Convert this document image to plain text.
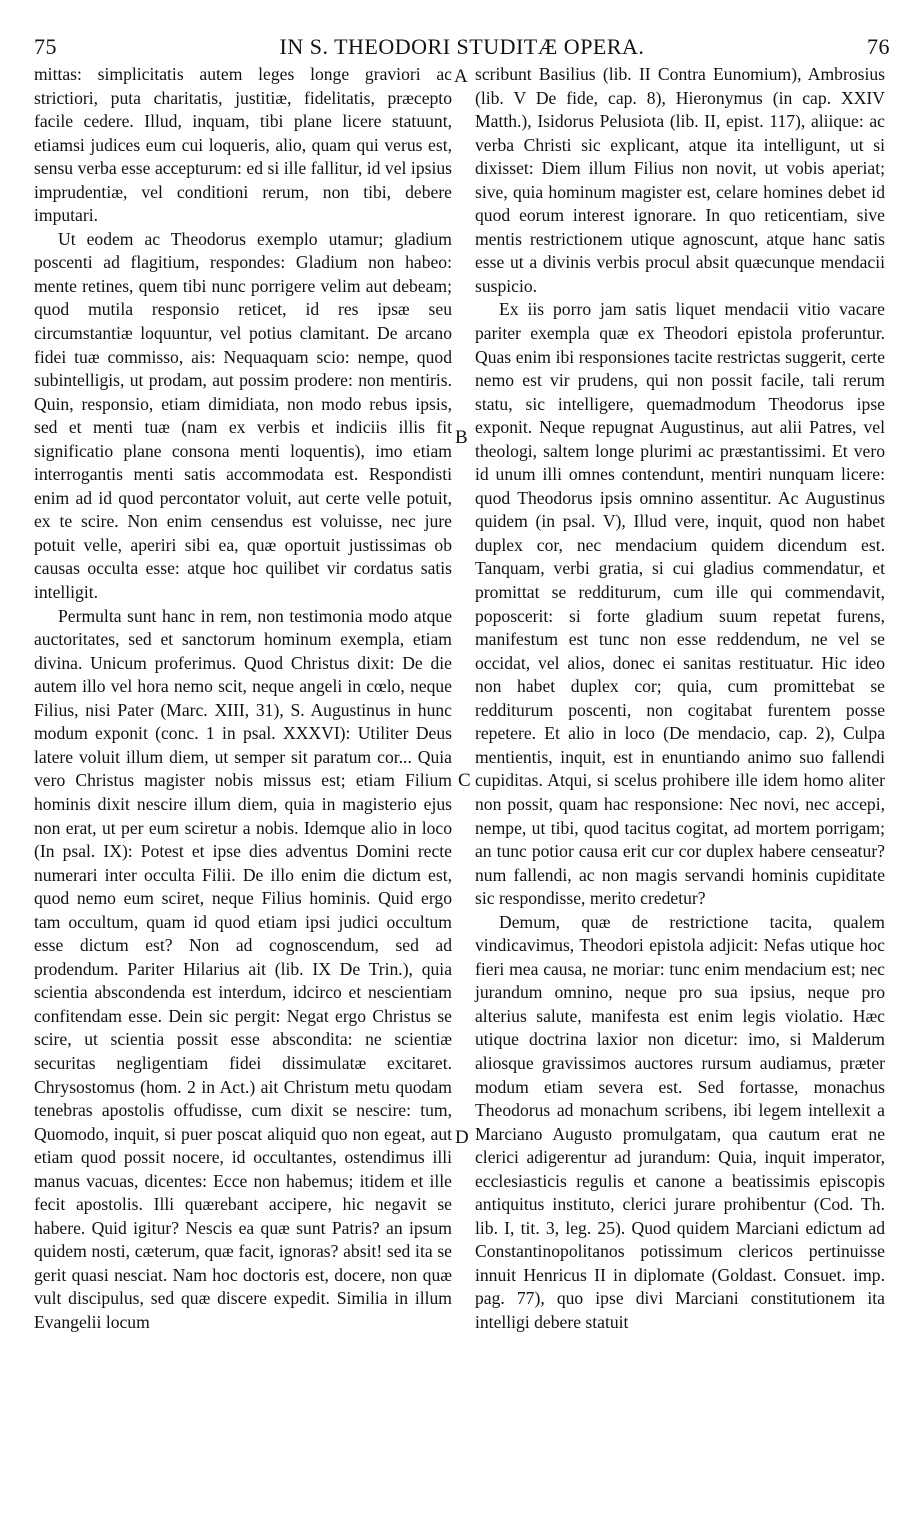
75	IN S. THEODORI STUDITÆ OPERA.	76

mittas: simplicitatis autem leges longe graviori ac strictiori, puta charitatis, justitiæ, fidelitatis, præcepto facile cedere. Illud, inquam, tibi plane licere statuunt, etiamsi judices eum cui loqueris, alio, quam qui verus est, sensu verba esse accepturum: ed si ille fallitur, id vel ipsius imprudentiæ, vel conditioni rerum, non tibi, debere imputari.

Ut eodem ac Theodorus exemplo utamur; gladium poscenti ad flagitium, respondes: Gladium non habeo: mente retines, quem tibi nunc porrigere velim aut debeam; quod mutila responsio reticet, id res ipsæ seu circumstantiæ loquuntur, vel potius clamitant. De arcano fidei tuæ commisso, ais: Nequaquam scio: nempe, quod subintelligis, ut prodam, aut possim prodere: non mentiris. Quin, responsio, etiam dimidiata, non modo rebus ipsis, sed et menti tuæ (nam ex verbis et indiciis illis fit significatio plane consona menti loquentis), imo etiam interrogantis menti satis accommodata est. Respondisti enim ad id quod percontator voluit, aut certe velle potuit, ex te scire. Non enim censendus est voluisse, nec jure potuit velle, aperiri sibi ea, quæ oportuit justissimas ob causas occulta esse: atque hoc quilibet vir cordatus satis intelligit.

Permulta sunt hanc in rem, non testimonia modo atque auctoritates, sed et sanctorum hominum exempla, etiam divina. Unicum proferimus. Quod Christus dixit: De die autem illo vel hora nemo scit, neque angeli in cœlo, neque Filius, nisi Pater (Marc. XIII, 31), S. Augustinus in hunc modum exponit (conc. 1 in psal. XXXVI): Utiliter Deus latere voluit illum diem, ut semper sit paratum cor... Quia vero Christus magister nobis missus est; etiam Filium hominis dixit nescire illum diem, quia in magisterio ejus non erat, ut per eum sciretur a nobis. Idemque alio in loco (In psal. IX): Potest et ipse dies adventus Domini recte numerari inter occulta Filii. De illo enim die dictum est, quod nemo eum sciret, neque Filius hominis. Quid ergo tam occultum, quam id quod etiam ipsi judici occultum esse dictum est? Non ad cognoscendum, sed ad prodendum. Pariter Hilarius ait (lib. IX De Trin.), quia scientia abscondenda est interdum, idcirco et nescientiam confitendam esse. Dein sic pergit: Negat ergo Christus se scire, ut scientia possit esse abscondita: ne scientiæ securitas negligentiam fidei dissimulatæ excitaret. Chrysostomus (hom. 2 in Act.) ait Christum metu quodam tenebras apostolis offudisse, cum dixit se nescire: tum, Quomodo, inquit, si puer poscat aliquid quo non egeat, aut etiam quod possit nocere, id occultantes, ostendimus illi manus vacuas, dicentes: Ecce non habemus; itidem et ille fecit apostolis. Illi quærebant accipere, hic negavit se habere. Quid igitur? Nescis ea quæ sunt Patris? an ipsum quidem nosti, cæterum, quæ facit, ignoras? absit! sed ita se gerit quasi nesciat. Nam hoc doctoris est, docere, non quæ vult discipulus, sed quæ discere expedit. Similia in illum Evangelii locum

A
B
C
D

scribunt Basilius (lib. II Contra Eunomium), Ambrosius (lib. V De fide, cap. 8), Hieronymus (in cap. XXIV Matth.), Isidorus Pelusiota (lib. II, epist. 117), aliique: ac verba Christi sic explicant, atque ita intelligunt, ut si dixisset: Diem illum Filius non novit, ut vobis aperiat; sive, quia hominum magister est, celare homines debet id quod eorum interest ignorare. In quo reticentiam, sive mentis restrictionem utique agnoscunt, atque hanc satis esse ut a divinis verbis procul absit quæcunque mendacii suspicio.

Ex iis porro jam satis liquet mendacii vitio vacare pariter exempla quæ ex Theodori epistola proferuntur. Quas enim ibi responsiones tacite restrictas suggerit, certe nemo est vir prudens, qui non possit facile, tali rerum statu, sic intelligere, quemadmodum Theodorus ipse exponit. Neque repugnat Augustinus, aut alii Patres, vel theologi, saltem longe plurimi ac præstantissimi. Et vero id unum illi omnes contendunt, mentiri nunquam licere: quod Theodorus ipsis omnino assentitur. Ac Augustinus quidem (in psal. V), Illud vere, inquit, quod non habet duplex cor, nec mendacium quidem dicendum est. Tanquam, verbi gratia, si cui gladius commendatur, et promittat se redditurum, cum ille qui commendavit, poposcerit: si forte gladium suum repetat furens, manifestum est tunc non esse reddendum, ne vel se occidat, vel alios, donec ei sanitas restituatur. Hic ideo non habet duplex cor; quia, cum promittebat se redditurum poscenti, non cogitabat furentem posse repetere. Et alio in loco (De mendacio, cap. 2), Culpa mentientis, inquit, est in enuntiando animo suo fallendi cupiditas. Atqui, si scelus prohibere ille idem homo aliter non possit, quam hac responsione: Nec novi, nec accepi, nempe, ut tibi, quod tacitus cogitat, ad mortem porrigam; an tunc potior causa erit cur cor duplex habere censeatur? num fallendi, ac non magis servandi hominis cupiditate sic respondisse, merito credetur?

Demum, quæ de restrictione tacita, qualem vindicavimus, Theodori epistola adjicit: Nefas utique hoc fieri mea causa, ne moriar: tunc enim mendacium est; nec jurandum omnino, neque pro sua ipsius, neque pro alterius salute, manifesta est enim legis violatio. Hæc utique doctrina laxior non dicetur: imo, si Malderum aliosque gravissimos auctores rursum audiamus, præter modum etiam severa est. Sed fortasse, monachus Theodorus ad monachum scribens, ibi legem intellexit a Marciano Augusto promulgatam, qua cautum erat ne clerici adigerentur ad jurandum: Quia, inquit imperator, ecclesiasticis regulis et canone a beatissimis episcopis antiquitus instituto, clerici jurare prohibentur (Cod. Th. lib. I, tit. 3, leg. 25). Quod quidem Marciani edictum ad Constantinopolitanos potissimum clericos pertinuisse innuit Henricus II in diplomate (Goldast. Consuet. imp. pag. 77), quo ipse divi Marciani constitutionem ita intelligi debere statuit
